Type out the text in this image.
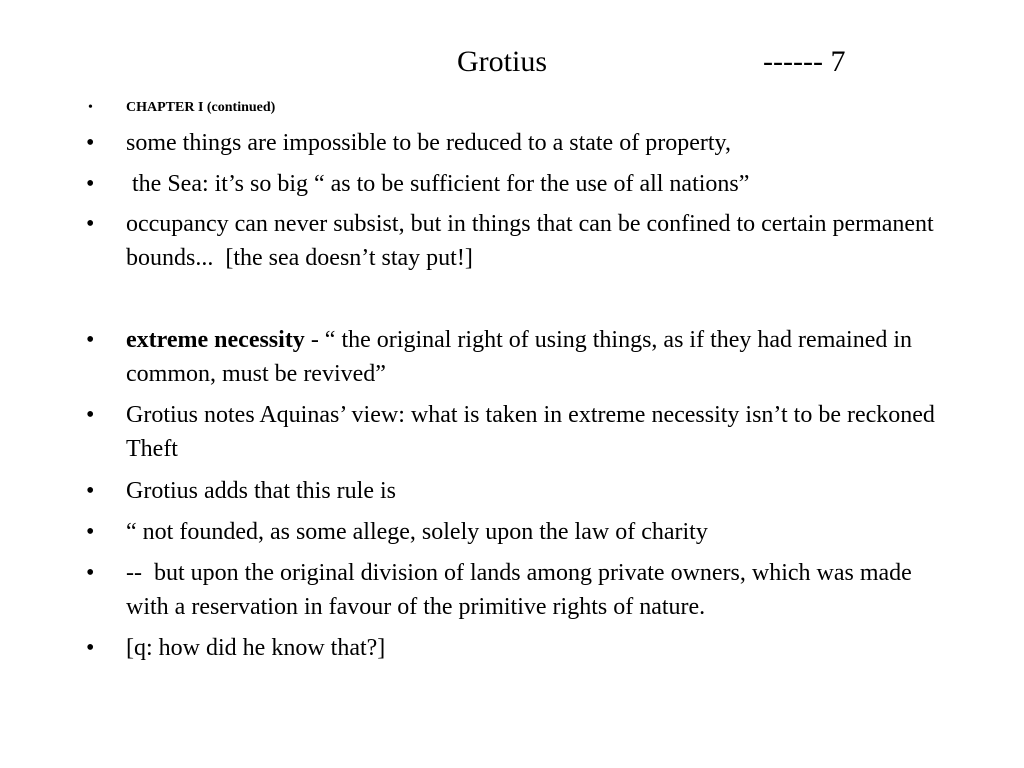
Grotius	------ 7
• CHAPTER I (continued)
• some things are impossible to be reduced to a state of property,
• the Sea: it’s so big “ as to be sufficient for the use of all nations”
• occupancy can never subsist, but in things that can be confined to certain permanent bounds...  [the sea doesn’t stay put!]
• extreme necessity - “ the original right of using things, as if they had remained in common, must be revived”
• Grotius notes Aquinas’ view: what is taken in extreme necessity isn’t to be reckoned Theft
• Grotius adds that this rule is
• “ not founded, as some allege, solely upon the law of charity
• --  but upon the original division of lands among private owners, which was made with a reservation in favour of the primitive rights of nature.
• [q: how did he know that?]
